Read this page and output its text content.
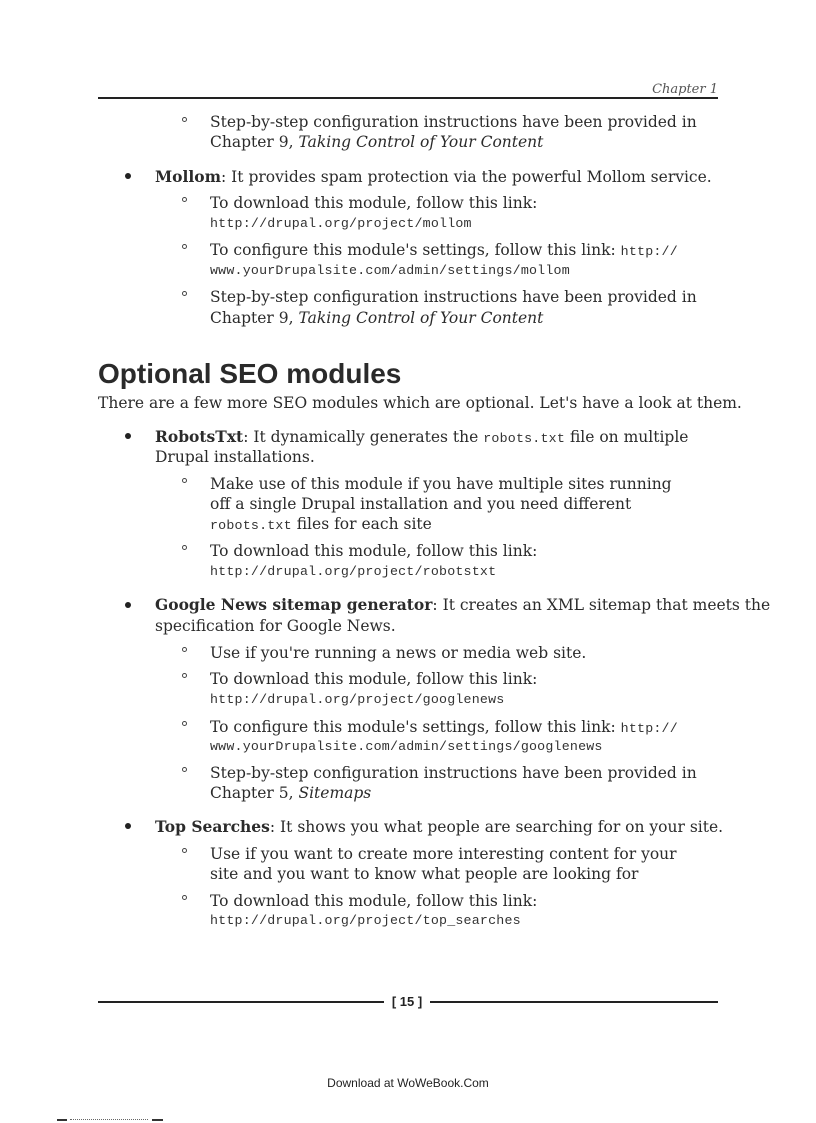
Chapter 1
Step-by-step configuration instructions have been provided in
Chapter 9, Taking Control of Your Content
Mollom: It provides spam protection via the powerful Mollom service.
To download this module, follow this link:
http://drupal.org/project/mollom
To configure this module's settings, follow this link: http://
www.yourDrupalsite.com/admin/settings/mollom
Step-by-step configuration instructions have been provided in
Chapter 9, Taking Control of Your Content
Optional SEO modules
There are a few more SEO modules which are optional. Let's have a look at them.
RobotsTxt: It dynamically generates the robots.txt file on multiple
Drupal installations.
Make use of this module if you have multiple sites running
off a single Drupal installation and you need different
robots.txt files for each site
To download this module, follow this link:
http://drupal.org/project/robotstxt
Google News sitemap generator: It creates an XML sitemap that meets the
specification for Google News.
Use if you're running a news or media web site.
To download this module, follow this link:
http://drupal.org/project/googlenews
To configure this module's settings, follow this link: http://
www.yourDrupalsite.com/admin/settings/googlenews
Step-by-step configuration instructions have been provided in
Chapter 5, Sitemaps
Top Searches: It shows you what people are searching for on your site.
Use if you want to create more interesting content for your
site and you want to know what people are looking for
To download this module, follow this link:
http://drupal.org/project/top_searches
[ 15 ]
Download at WoWeBook.Com
